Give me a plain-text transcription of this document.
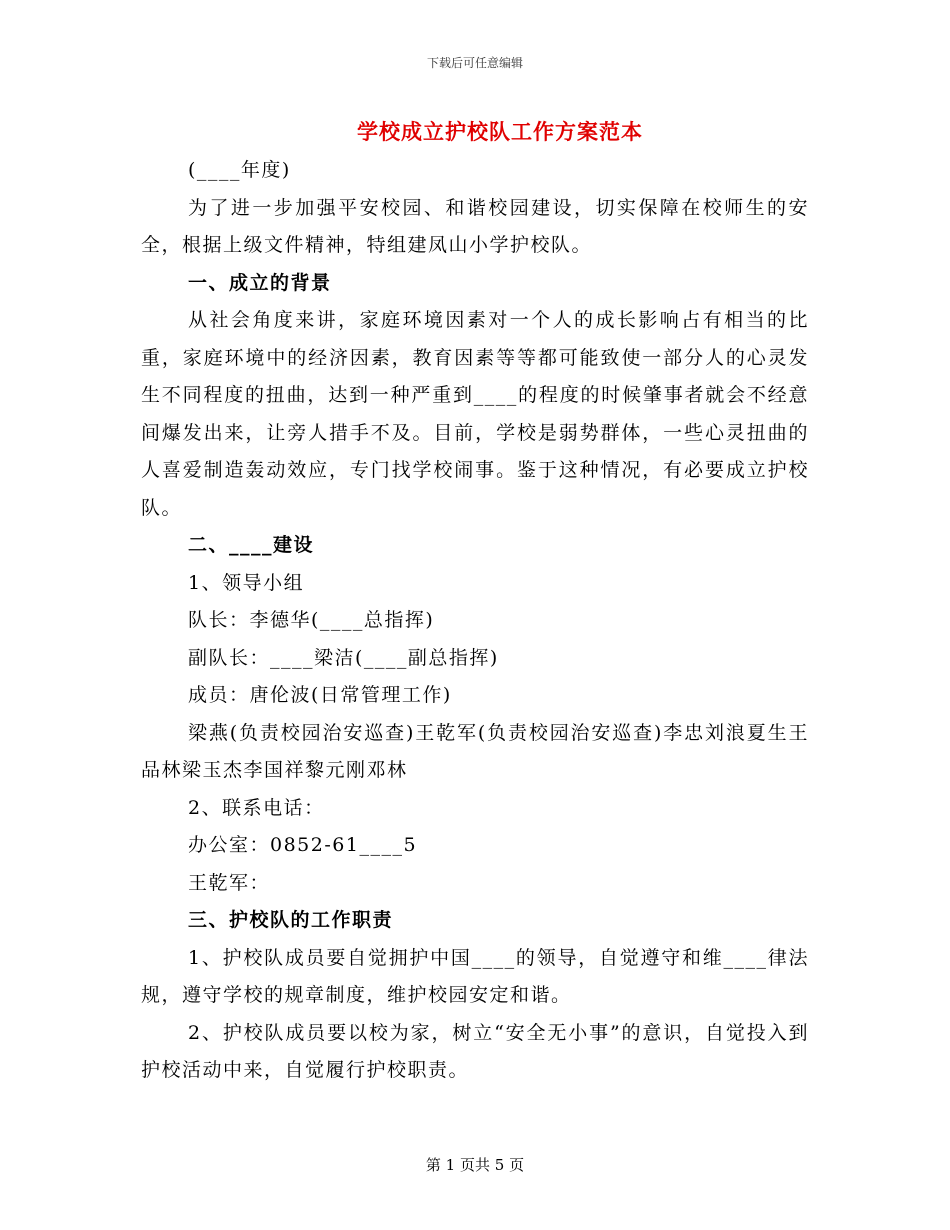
下载后可任意编辑
学校成立护校队工作方案范本

(____年度)

为了进一步加强平安校园、和谐校园建设，切实保障在校师生的安全，根据上级文件精神，特组建凤山小学护校队。

一、成立的背景

从社会角度来讲，家庭环境因素对一个人的成长影响占有相当的比重，家庭环境中的经济因素，教育因素等等都可能致使一部分人的心灵发生不同程度的扭曲，达到一种严重到____的程度的时候肇事者就会不经意间爆发出来，让旁人措手不及。目前，学校是弱势群体，一些心灵扭曲的人喜爱制造轰动效应，专门找学校闹事。鉴于这种情况，有必要成立护校队。

二、____建设

1、领导小组

队长：李德华(____总指挥)

副队长：____梁洁(____副总指挥)

成员：唐伦波(日常管理工作)

梁燕(负责校园治安巡查)王乾军(负责校园治安巡查)李忠刘浪夏生王品林梁玉杰李国祥黎元刚邓林

2、联系电话：

办公室：0852-61____5

王乾军：

三、护校队的工作职责

1、护校队成员要自觉拥护中国____的领导，自觉遵守和维____律法规，遵守学校的规章制度，维护校园安定和谐。

2、护校队成员要以校为家，树立“安全无小事”的意识，自觉投入到护校活动中来，自觉履行护校职责。

第 1 页共 5 页
